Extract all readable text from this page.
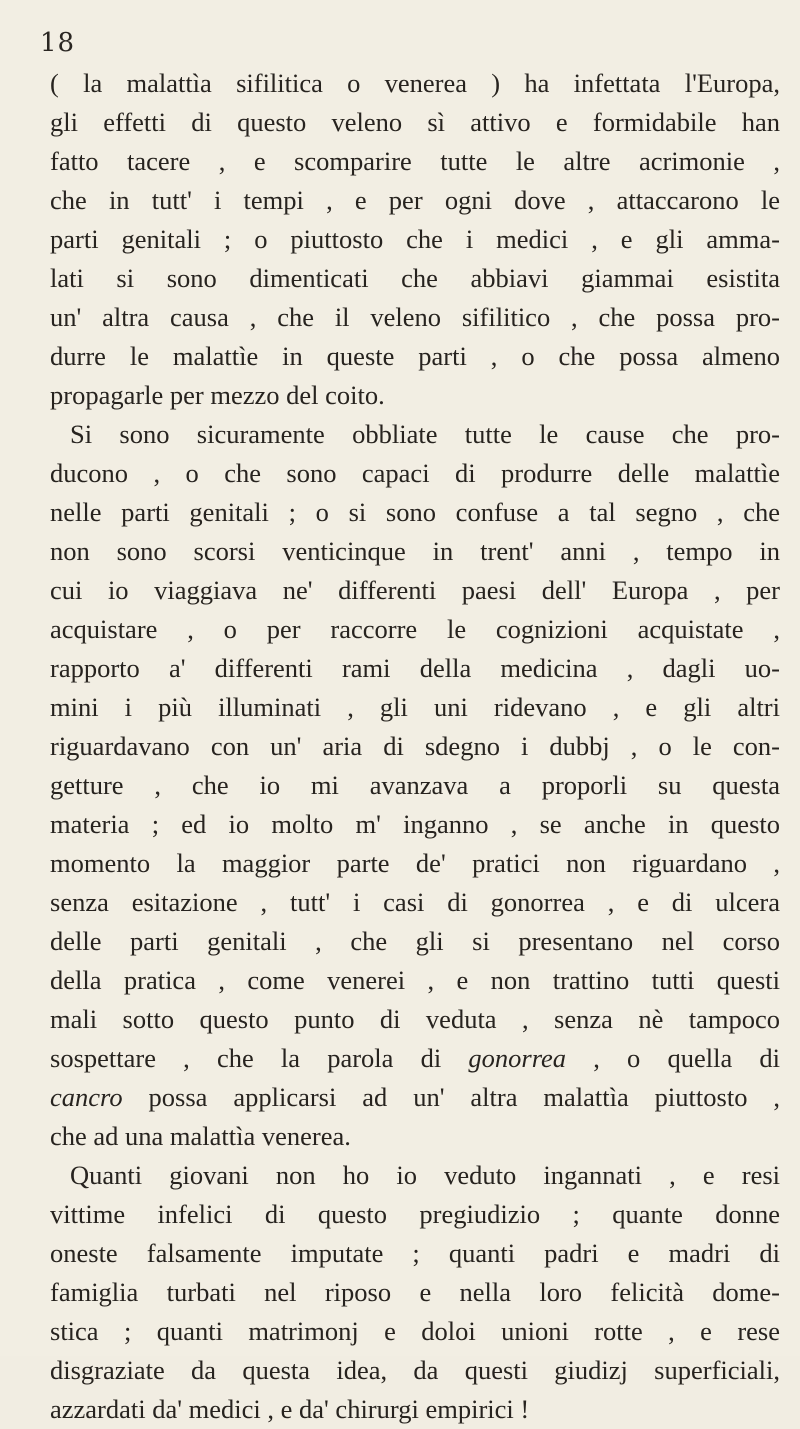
18
( la malattìa sifilitica o venerea ) ha infettata l'Europa,
gli effetti di questo veleno sì attivo e formidabile han
fatto tacere , e scomparire tutte le altre acrimonie ,
che in tutt' i tempi , e per ogni dove , attaccarono le
parti genitali ; o piuttosto che i medici , e gli amma-
lati si sono dimenticati che abbiavi giammai esistita
un' altra causa , che il veleno sifilitico , che possa pro-
durre le malattìe in queste parti , o che possa almeno
propagarle per mezzo del coito.
Si sono sicuramente obbliate tutte le cause che pro-
ducono , o che sono capaci di produrre delle malattìe
nelle parti genitali ; o si sono confuse a tal segno , che
non sono scorsi venticinque in trent' anni , tempo in
cui io viaggiava ne' differenti paesi dell' Europa , per
acquistare , o per raccorre le cognizioni acquistate ,
rapporto a' differenti rami della medicina , dagli uo-
mini i più illuminati , gli uni ridevano , e gli altri
riguardavano con un' aria di sdegno i dubbj , o le con-
getture , che io mi avanzava a proporli su questa
materia ; ed io molto m' inganno , se anche in questo
momento la maggior parte de' pratici non riguardano ,
senza esitazione , tutt' i casi di gonorrea , e di ulcera
delle parti genitali , che gli si presentano nel corso
della pratica , come venerei , e non trattino tutti questi
mali sotto questo punto di veduta , senza nè tampoco
sospettare , che la parola di gonorrea , o quella di
cancro possa applicarsi ad un' altra malattìa piuttosto ,
che ad una malattìa venerea.
Quanti giovani non ho io veduto ingannati , e resi
vittime infelici di questo pregiudizio ; quante donne
oneste falsamente imputate ; quanti padri e madri di
famiglia turbati nel riposo e nella loro felicità dome-
stica ; quanti matrimonj e doloi unioni rotte , e rese
disgraziate da questa idea, da questi giudizj superficiali,
azzardati da' medici , e da' chirurgi empirici !
